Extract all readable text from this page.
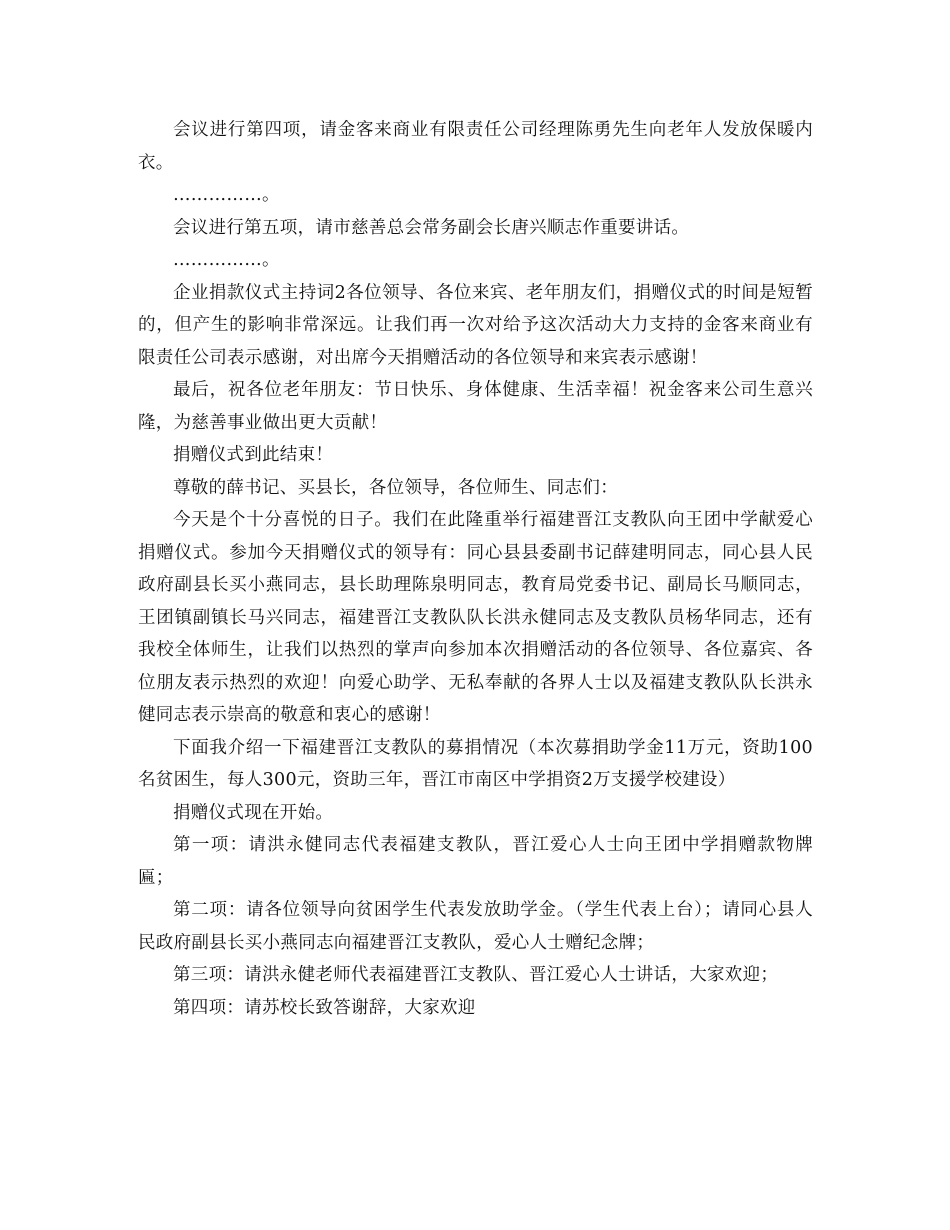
会议进行第四项，请金客来商业有限责任公司经理陈勇先生向老年人发放保暖内衣。

……………。

会议进行第五项，请市慈善总会常务副会长唐兴顺志作重要讲话。

……………。

企业捐款仪式主持词2各位领导、各位来宾、老年朋友们，捐赠仪式的时间是短暂的，但产生的影响非常深远。让我们再一次对给予这次活动大力支持的金客来商业有限责任公司表示感谢，对出席今天捐赠活动的各位领导和来宾表示感谢！

最后，祝各位老年朋友：节日快乐、身体健康、生活幸福！祝金客来公司生意兴隆，为慈善事业做出更大贡献！

捐赠仪式到此结束！

尊敬的薛书记、买县长，各位领导，各位师生、同志们：

今天是个十分喜悦的日子。我们在此隆重举行福建晋江支教队向王团中学献爱心捐赠仪式。参加今天捐赠仪式的领导有：同心县县委副书记薛建明同志，同心县人民政府副县长买小燕同志，县长助理陈泉明同志，教育局党委书记、副局长马顺同志，王团镇副镇长马兴同志，福建晋江支教队队长洪永健同志及支教队员杨华同志，还有我校全体师生，让我们以热烈的掌声向参加本次捐赠活动的各位领导、各位嘉宾、各位朋友表示热烈的欢迎！向爱心助学、无私奉献的各界人士以及福建支教队队长洪永健同志表示崇高的敬意和衷心的感谢！

下面我介绍一下福建晋江支教队的募捐情况（本次募捐助学金11万元，资助100名贫困生，每人300元，资助三年，晋江市南区中学捐资2万支援学校建设）

捐赠仪式现在开始。

第一项：请洪永健同志代表福建支教队，晋江爱心人士向王团中学捐赠款物牌匾；

第二项：请各位领导向贫困学生代表发放助学金。（学生代表上台）；请同心县人民政府副县长买小燕同志向福建晋江支教队，爱心人士赠纪念牌；

第三项：请洪永健老师代表福建晋江支教队、晋江爱心人士讲话，大家欢迎；

第四项：请苏校长致答谢辞，大家欢迎
